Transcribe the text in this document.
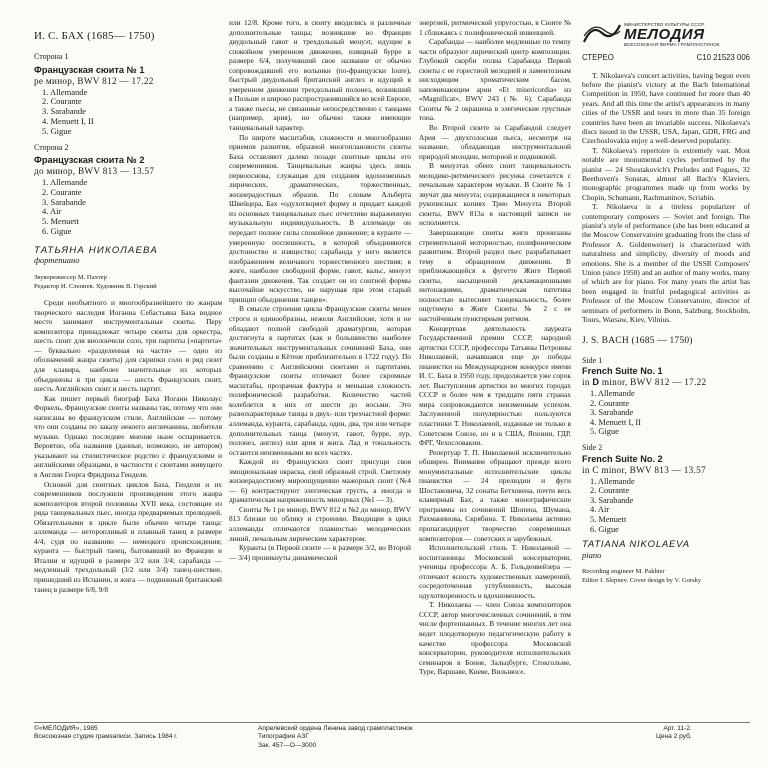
И. С. БАХ (1685— 1750)
Сторона 1
Французская сюита № 1
ре минор, BWV 812 — 17.22
1. Allemande
2. Courante
3. Sarabande
4. Menuett I, II
5. Gigue
Сторона 2
Французская сюита № 2
до минор, BWV 813 — 13.57
1. Allemande
2. Courante
3. Sarabande
4. Air
5. Menuett
6. Gigue
ТАТЬЯНА НИКОЛАЕВА
фортепиано
Звукорежиссер М. Пахтер
Редактор И. Слепнев. Художник В. Горский

Среди необъятного и многообразнейшего по жанрам творческого наследия Иоганна Себастьяна Баха видное место занимают инструментальные сюиты. Перу композитора принадлежат четыре сюиты для оркестра, шесть сюит для виолончели соло, три партиты («партита» — буквально «разделенная на части» — одно из обозначений жанра сюиты) для скрипки соло и ряд сюит для клавира, наиболее значительные из которых объединены в три цикла — шесть Французских сюит, шесть Английских сюит и шесть партит.

Как пишет первый биограф Баха Иоганн Николаус Форкель, Французские сюиты названы так, потому что они написаны во французском стиле, Английские — потому что они созданы по заказу некоего англичанина, любителя музыки. Однако последнее мнение ныне оспаривается. Вероятно, оба названия (данные, возможно, не автором) указывают на стилистическое родство с французскими и английскими образцами, в частности с сюитами живущего в Англии Георга Фридриха Генделя.

Основой для сюитных циклов Баха, Генделя и их современников послужили произведения этого жанра композиторов второй половины XVII века, состоящие из ряда танцевальных пьес, иногда предваряемых прелюдией. Обязательными в цикле были обычно четыре танца: аллеманда — неторопливый и плавный танец в размере 4/4, судя по названию — немецкого происхождения; куранта — быстрый танец, бытовавший во Франции и Италии и идущий в размере 3/2 или 3/4; сарабанда — медленный трехдольный (3/2 или 3/4) танец-шествие, пришедший из Испании, и жига — подвижный британский танец в размере 6/8, 9/8

или 12/8. Кроме того, в сюиту вводились и различные дополнительные танцы; возникшие во Франции двудольный гавот и трехдольный менуэт, идущие в спокойном умеренном движении, изящный бурре в размере 6/4, получивший свое название от обычно сопровождавшей его волынки (по-французски loure), быстрый двудольный британский англез и идущий в умеренном движении трехдольный полонез, возникший в Польше и широко распространившийся во всей Европе, а также пьесы, не связанные непосредственно с танцами (например, ария), но обычно также имеющие танцевальный характер.

По широте масштабов, сложности и многообразию приемов развития, образной многоплановости сюиты Баха оставляют далеко позади сюитные циклы его современников. Танцевальные жанры здесь лишь первооснова, служащая для создания вдохновенных лирических, драматических, торжественных, жизнерадостных образов. По словам Альберта Швейцера, Бах «одухотворяет форму и придает каждой из основных танцевальных пьес отчетливо выраженную музыкальную индивидуальность. В аллеманде он передает полное силы спокойное движение; в куранте — умеренную поспешность, в которой объединяются достоинство и изящество; сарабанда у него является изображением величавого торжественного шествия; в жиге, наиболее свободной форме, гавот, вальс, менуэт фантазии движения. Так создает он из сонтной формы высочайше искусство, не нарушая при этом старый принцип объединения танцев».

В смысле строения цикла Французские сюиты менее строги и единообразны, нежели Английские, хотя и не обладают полной свободой драматургии, которая достигнута в партитах (как и большинство наиболее значительных инструментальных сочинений Баха, они были созданы в Кётене приблизительно в 1722 году). По сравнению с Английскими сюитами и партитами, Французские сюиты отличают более скромные масштабы, прозрачная фактура и меньшая сложность полифонической разработки. Количество частей колеблется в них от шести до восьми. Это разнохарактерные танцы в двух- или трехчастной форме: аллеманда, куранта, сарабанда, один, два, три или четыре дополнительных танца (менуэт, гавот, бурре, лур, полонез, англез) или ария и жига. Лад и тональность остаются неизменными во всех частях.

Каждой из Французских сюит присущи своя эмоциональная окраска, свой образный строй. Светлому жизнерадостному мироощущению мажорных сюит (№4 — 6) контрастируют элегическая грусть, а иногда и драматическая напряженность минорных (№1 — 3).

Сюиты № 1 ре минор, BWV 812 и №2 до минор, BWV 813 близки по облику и строению. Вводящие в цикл аллеманды отличаются плавностью мелодических линий, печальным лирическим характером.

Куранты (в Первой сюите — в размере 3/2, во Второй — 3/4) проникнуты динамической

энергией, ритмической упругостью, в Сюите № 1 сближаясь с полифонической инвенцией.

Сарабанды — наиболее медленные по темпу части образуют лирический центр композиции. Глубокой скорби полна Сарабанда Первой сюиты с ее горестной мелодией и ламентозным нисходящим хроматическим басом, напоминающим арии «Et misericordia» из «Magnificat», BWV 243 (№ 6). Сарабанда Сюиты № 2 окрашена в элегические грустные тона.

Во Второй сюите за Сарабандой следует Ария — двухголосная пьеса, несмотря на название, обладающая инструментальной природой мелодии, моторной и подвижной.

В менуэтах обеих сюит танцевальность мелодико-ритмического рисунка сочетается с печальным характером музыки. В Сюите № 1 звучат два менуэта; содержащиеся в некоторых рукописных копиях Трио Менуэта Второй сюиты, BWV 813a в настоящей записи не исполняется.

Завершающие сюиты жиги пронизаны стремительной моторностью, полифоническим развитием. Второй раздел пьес разрабатывает тему в обращенном движении. В приближающейся к фугетте Жиге Первой сюиты, насыщенной декламационными интонациями, драматическая патетика полностью вытесняет танцевальность, более ощутимую в Жиге Сюиты № 2 с ее настойчивым пунктирным ритмом.

Концертная деятельность лауреата Государственной премии СССР, народной артистки СССР, профессора Татьяны Петровны Николаевой, начавшаяся еще до победы пианистки на Международном конкурсе имени И. С. Баха в 1950 году, продолжается уже сорок лет. Выступления артистки во многих городах СССР и более чем в тридцати пяти странах мира сопровождаются неизменным успехом. Заслуженной популярностью пользуются пластинки Т. Николаевой, изданные не только в Советском Союзе, но и в США, Японии, ГДР, ФРГ, Чехословакии.

Репертуар Т. П. Николаевой исключительно обширен. Внимание обращают прежде всего монументальные исполнительские циклы пианистки — 24 прелюдии и фуги Шостаковича, 32 сонаты Бетховена, почти весь клавирный Бах, а также монографические программы из сочинений Шопена, Шумана, Рахманинова, Скрябина. Т. Николаева активно пропагандирует творчество современных композиторов — советских и зарубежных.

Исполнительский стиль Т. Николаевой — воспитанницы Московской консерватории, ученицы профессора А. Б. Гольденвейзера — отличают ясность художественных намерений, сосредоточенная углубленность, высокая одухотворенность и вдохновенность.

Т. Николаева — член Союза композиторов СССР, автор многочисленных сочинений, в том числе фортепианных. В течение многих лет она ведет плодотворную педагогическую работу в качестве профессора Московской консерватории, руководителя исполнительских семинаров в Бонне, Зальцбурге, Стокгольме, Туре, Варшаве, Киеве, Вильнюсе.

МИНИСТЕРСТВО КУЛЬТУРЫ СССР
МЕЛОДИЯ
ВСЕСОЮЗНАЯ ФИРМА ГРАМПЛАСТИНОК
СТЕРЕО	С10 21523 006

T. Nikolaeva's concert activities, having begun even before the pianist's victory at the Bach International Competition in 1950, have continued for more than 40 years. And all this time the artist's appearances in many cities of the USSR and tours in more than 35 foreign countries have been an invariable success. Nikolaeva's discs issued in the USSR, USA, Japan, GDR, FRG and Czechoslovakia enjoy a well-deserved popularity.

T. Nikolaeva's repertoire is extremely vast. Most notable are monumental cycles performed by the pianist — 24 Shostakovich's Preludes and Fugues, 32 Beethoven's Sonatas, almost all Bach's Klaviers, monographic programmes made up from works by Chopin, Schumann, Rachmaninov, Scriabin.

T. Nikolaeva is a tireless popularizer of contemporary composers — Soviet and foreign. The pianist's style of performance (she has been educated at the Moscow Conservatoire graduating from the class of Professor A. Goldenweiser) is characterized with naturalness and simplicity, diversity of moods and emotions. She is a member of the USSR Composers' Union (since 1950) and an author of many works, many of which are for piano. For many years the artist has been engaged in fruitful pedagogical activities as Professor of the Moscow Conservatoire, director of seminars of performers in Bonn, Salzburg, Stockholm, Tours, Warsaw, Kiev, Vilnius.

J. S. BACH (1685 — 1750)
Side 1
French Suite No. 1
in D minor, BWV 812 — 17.22
1. Allemande
2. Courante
3. Sarabande
4. Menuett I, II
5. Gigue
Side 2
French Suite No. 2
in C minor, BWV 813 — 13.57
1. Allemande
2. Courante
3. Sarabande
4. Air
5. Menuett
6. Gigue
TATIANA NIKOLAEVA
piano
Recording engineer M. Pakhter
Editor I. Slepnev. Cover design by V. Gorsky
©«МЕЛОДИЯ», 1985
Всесоюзная студия грамзаписи. Запись 1984 г.
Апрелевский ордена Ленина завод грампластинок
Типография АЗГ
Зак. 457—О—3000
Арт. 11-2.
Цена 2 руб.
